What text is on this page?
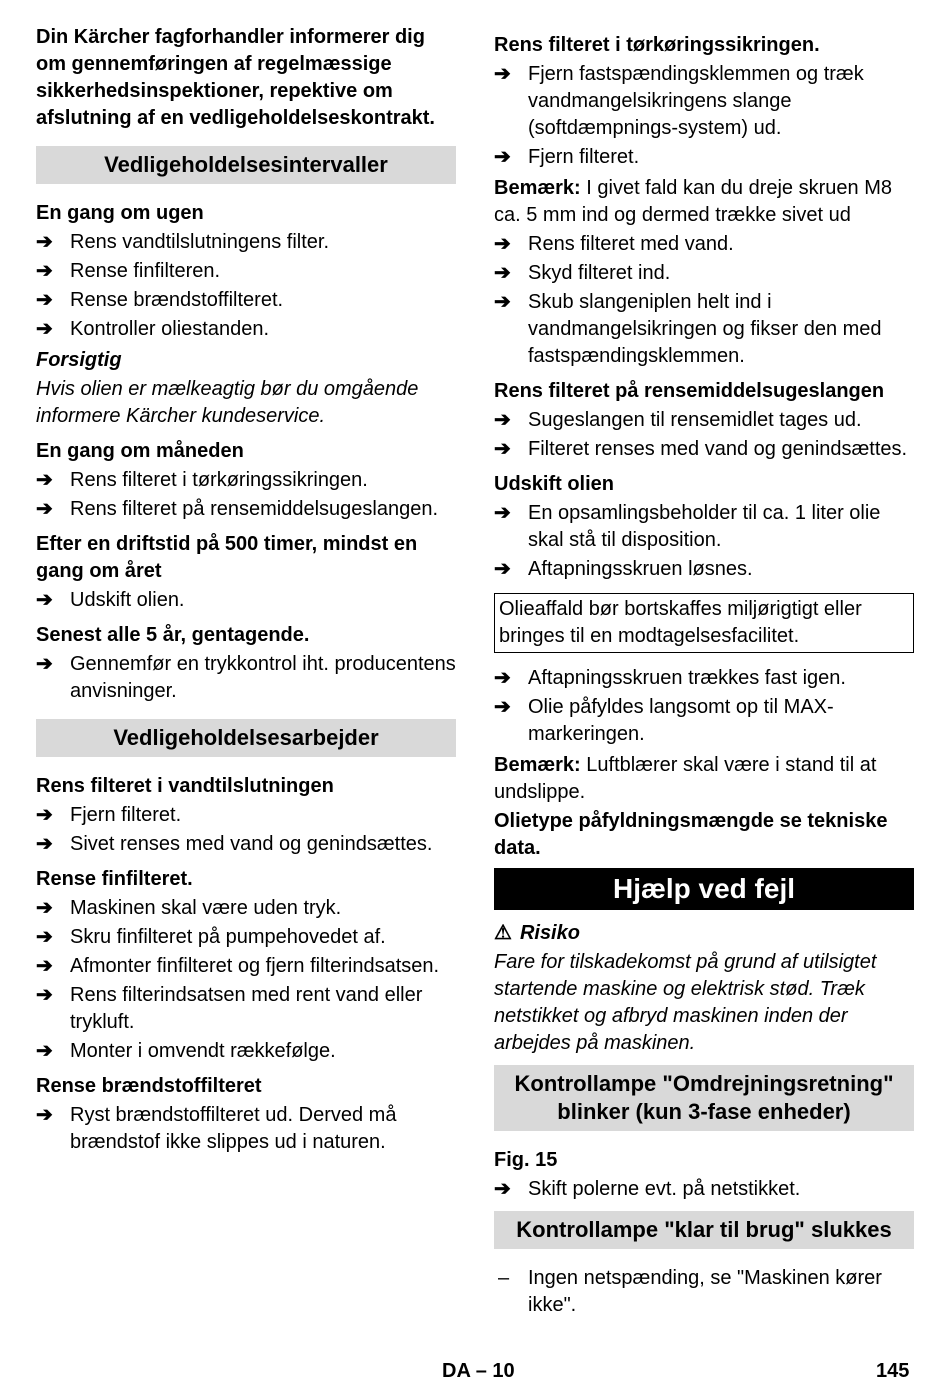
Din Kärcher fagforhandler informerer dig om gennemføringen af regelmæssige sikkerhedsinspektioner, repektive om afslutning af en vedligeholdelseskontrakt.
Vedligeholdelsesintervaller
En gang om ugen
➔ Rens vandtilslutningens filter.
➔ Rense finfilteren.
➔ Rense brændstoffilteret.
➔ Kontroller oliestanden.
Forsigtig
Hvis olien er mælkeagtig bør du omgående informere Kärcher kundeservice.
En gang om måneden
➔ Rens filteret i tørkøringssikringen.
➔ Rens filteret på rensemiddelsugeslangen.
Efter en driftstid på 500 timer, mindst en gang om året
➔ Udskift olien.
Senest alle 5 år, gentagende.
➔ Gennemfør en trykkontrol iht. producentens anvisninger.
Vedligeholdelsesarbejder
Rens filteret i vandtilslutningen
➔ Fjern filteret.
➔ Sivet renses med vand og genindsættes.
Rense finfilteret.
➔ Maskinen skal være uden tryk.
➔ Skru finfilteret på pumpehovedet af.
➔ Afmonter finfilteret og fjern filterindsatsen.
➔ Rens filterindsatsen med rent vand eller trykluft.
➔ Monter i omvendt rækkefølge.
Rense brændstoffilteret
➔ Ryst brændstoffilteret ud. Derved må brændstof ikke slippes ud i naturen.
Rens filteret i tørkøringssikringen.
➔ Fjern fastspændingsklemmen og træk vandmangelsikringens slange (softdæmpnings-system) ud.
➔ Fjern filteret.

Bemærk: I givet fald kan du dreje skruen M8 ca. 5 mm ind og dermed trække sivet ud

➔ Rens filteret med vand.
➔ Skyd filteret ind.
➔ Skub slangeniplen helt ind i vandmangelsikringen og fikser den med fastspændingsklemmen.
Rens filteret på rensemiddelsugeslangen
➔ Sugeslangen til rensemidlet tages ud.
➔ Filteret renses med vand og genindsættes.
Udskift olien
➔ En opsamlingsbeholder til ca. 1 liter olie skal stå til disposition.
➔ Aftapningsskruen løsnes.
Olieaffald bør bortskaffes miljørigtigt eller bringes til en modtagelsesfacilitet.
➔ Aftapningsskruen trækkes fast igen.
➔ Olie påfyldes langsomt op til MAX-markeringen.

Bemærk: Luftblærer skal være i stand til at undslippe.

Olietype påfyldningsmængde se tekniske data.

Hjælp ved fejl
⚠ Risiko
Fare for tilskadekomst på grund af utilsigtet startende maskine og elektrisk stød. Træk netstikket og afbryd maskinen inden der arbejdes på maskinen.
Kontrollampe "Omdrejningsretning" blinker (kun 3-fase enheder)
Fig. 15
➔ Skift polerne evt. på netstikket.
Kontrollampe "klar til brug" slukkes
– Ingen netspænding, se "Maskinen kører ikke".
DA – 10	145
